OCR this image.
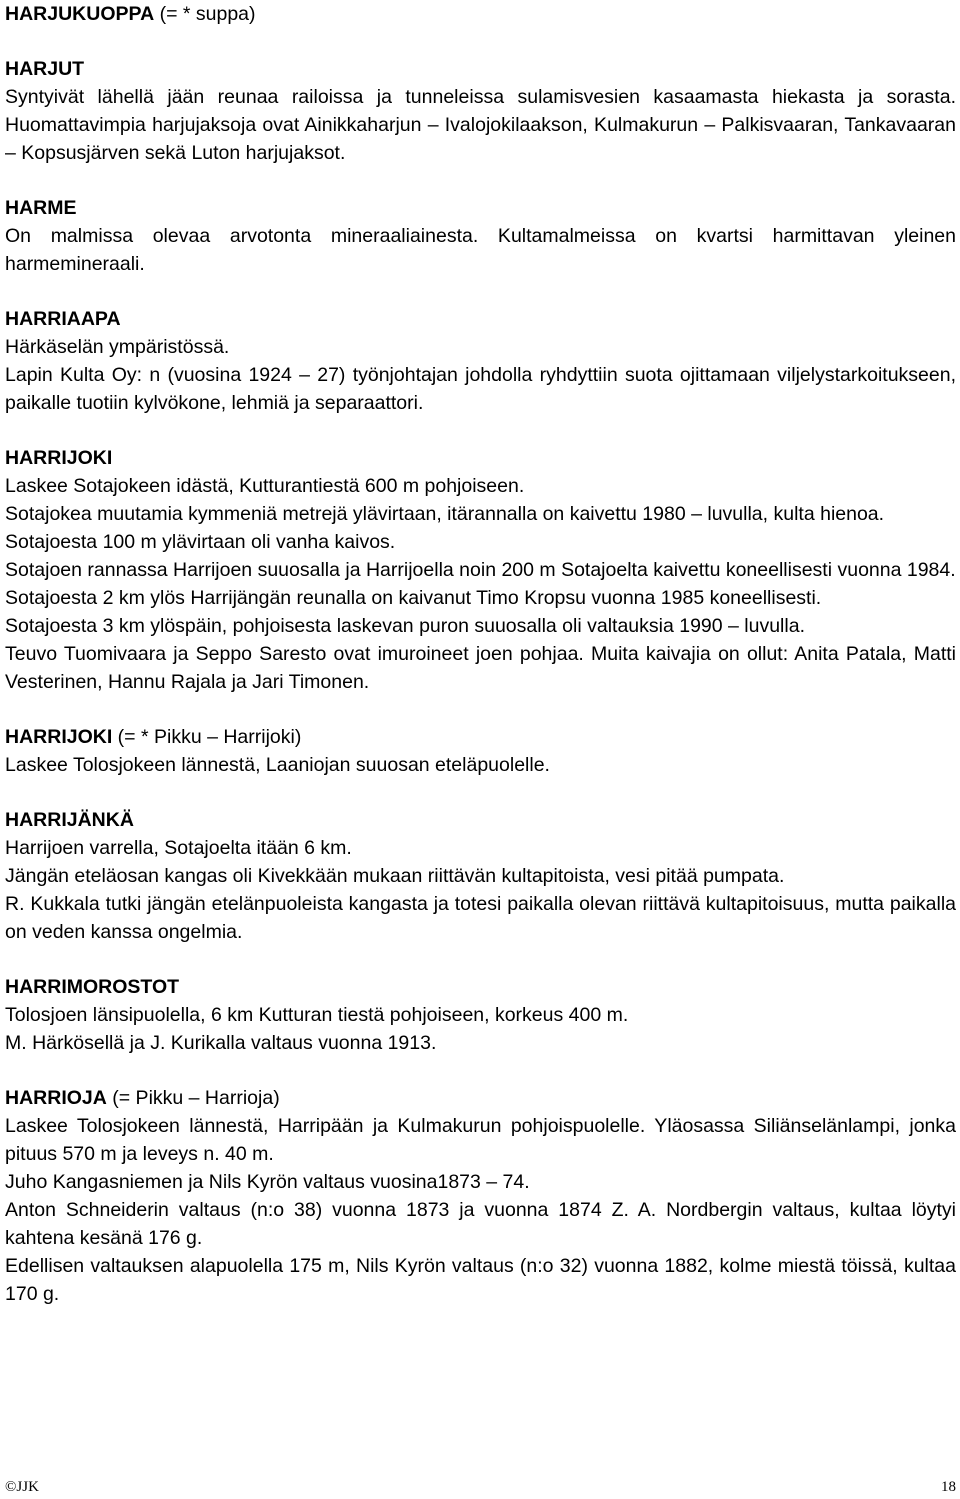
HARJUKUOPPA (= * suppa)
HARJUT

Syntyivät lähellä jään reunaa railoissa ja tunneleissa sulamisvesien kasaamasta hiekasta ja sorasta. Huomattavimpia harjujaksoja ovat Ainikkaharjun – Ivalojokilaakson, Kulmakurun – Palkisvaaran, Tankavaaran – Kopsusjärven sekä Luton harjujaksot.

HARME

On malmissa olevaa arvotonta mineraaliainesta. Kultamalmeissa on kvartsi harmittavan yleinen harmemineraali.

HARRIAAPA

Härkäselän ympäristössä.

Lapin Kulta Oy: n (vuosina 1924 – 27) työnjohtajan johdolla ryhdyttiin suota ojittamaan viljelystarkoitukseen, paikalle tuotiin kylvökone, lehmiä ja separaattori.

HARRIJOKI

Laskee Sotajokeen idästä, Kutturantiestä 600 m pohjoiseen.

Sotajokea muutamia kymmeniä metrejä ylävirtaan, itärannalla on kaivettu 1980 – luvulla, kulta hienoa.

Sotajoesta 100 m ylävirtaan oli vanha kaivos.

Sotajoen rannassa Harrijoen suuosalla ja Harrijoella noin 200 m Sotajoelta kaivettu koneellisesti vuonna 1984.

Sotajoesta 2 km ylös Harrijängän reunalla on kaivanut Timo Kropsu vuonna 1985 koneellisesti.

Sotajoesta 3 km ylöspäin, pohjoisesta laskevan puron suuosalla oli valtauksia 1990 – luvulla.

Teuvo Tuomivaara ja Seppo Saresto ovat imuroineet joen pohjaa. Muita kaivajia on ollut: Anita Patala, Matti Vesterinen, Hannu Rajala ja Jari Timonen.

HARRIJOKI (= * Pikku – Harrijoki)

Laskee Tolosjokeen lännestä, Laaniojan suuosan eteläpuolelle.

HARRIJÄNKÄ

Harrijoen varrella, Sotajoelta itään 6 km.

Jängän eteläosan kangas oli Kivekkään mukaan riittävän kultapitoista, vesi pitää pumpata.

R. Kukkala tutki jängän etelänpuoleista kangasta ja totesi paikalla olevan riittävä kultapitoisuus, mutta paikalla on veden kanssa ongelmia.

HARRIMOROSTOT

Tolosjoen länsipuolella, 6 km Kutturan tiestä pohjoiseen, korkeus 400 m.

M. Härkösellä ja J. Kurikalla valtaus vuonna 1913.

HARRIOJA (= Pikku – Harrioja)

Laskee Tolosjokeen lännestä, Harripään ja Kulmakurun pohjoispuolelle. Yläosassa Siliänselänlampi, jonka pituus 570 m ja leveys n. 40 m.

Juho Kangasniemen ja Nils Kyrön valtaus vuosina1873 – 74.

Anton Schneiderin valtaus (n:o 38) vuonna 1873 ja vuonna 1874 Z. A. Nordbergin valtaus, kultaa löytyi kahtena kesänä 176 g.

Edellisen valtauksen alapuolella 175 m, Nils Kyrön valtaus (n:o 32) vuonna 1882, kolme miestä töissä, kultaa 170 g.

©JJK	18
